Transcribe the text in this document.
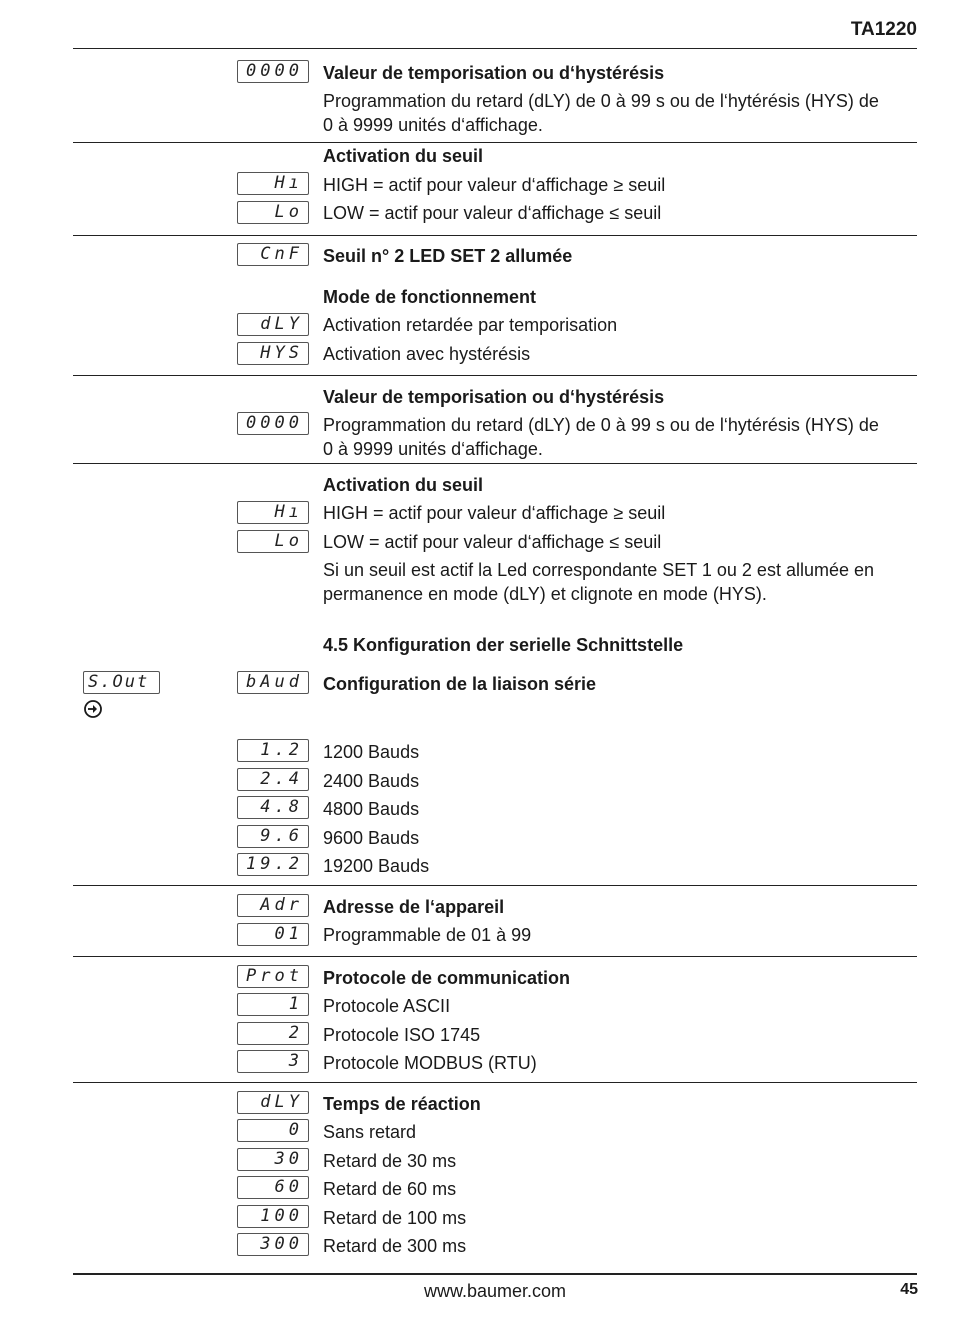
TA1220
0000	Valeur de temporisation ou d‘hystérésis
Programmation du retard (dLY) de 0 à 99 s ou de l‘hytérésis (HYS) de
0 à 9999 unités d‘affichage.
Activation du seuil
Hı	HIGH = actif pour valeur d‘affichage ≥ seuil
Lo	LOW = actif pour valeur d‘affichage ≤ seuil
CnF	Seuil n° 2 LED SET 2 allumée
Mode de fonctionnement
dLY	Activation retardée par temporisation
HYS	Activation avec hystérésis
Valeur de temporisation ou d‘hystérésis
0000	Programmation du retard (dLY) de 0 à 99 s ou de l‘hytérésis (HYS) de
0 à 9999 unités d‘affichage.
Activation du seuil
Hı	HIGH = actif pour valeur d‘affichage ≥ seuil
Lo	LOW = actif pour valeur d‘affichage ≤ seuil
Si un seuil est actif la Led correspondante SET 1 ou 2 est allumée en
permanence en mode (dLY) et clignote en mode (HYS).
4.5 Konfiguration der serielle Schnittstelle
S.Out	bAud	Configuration de la liaison série
1.2	1200 Bauds
2.4	2400 Bauds
4.8	4800 Bauds
9.6	9600 Bauds
19.2	19200 Bauds
Adr	Adresse de l‘appareil
01	Programmable de 01 à 99
Prot	Protocole de communication
1	Protocole ASCII
2	Protocole ISO 1745
3	Protocole MODBUS (RTU)
dLY	Temps de réaction
0	Sans retard
30	Retard de 30 ms
60	Retard de 60 ms
100	Retard de 100 ms
300	Retard de 300 ms
www.baumer.com	45
